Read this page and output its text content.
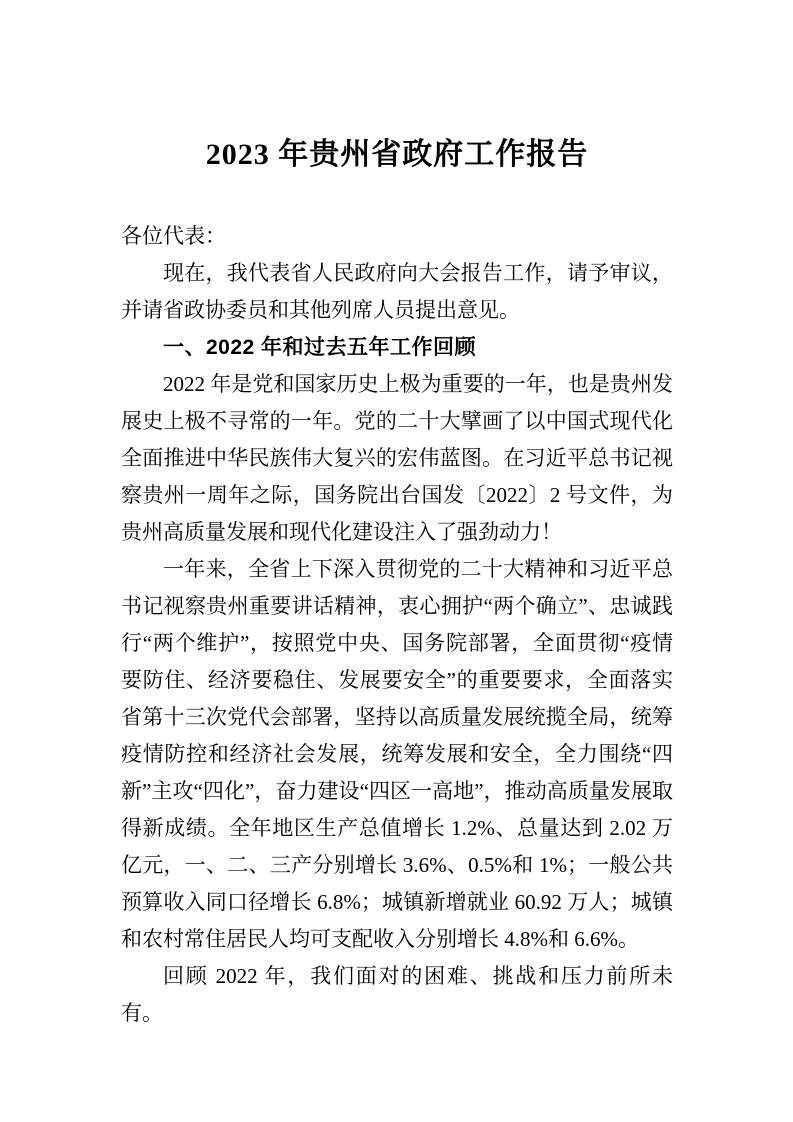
2023 年贵州省政府工作报告

各位代表：

现在，我代表省人民政府向大会报告工作，请予审议，并请省政协委员和其他列席人员提出意见。

一、2022 年和过去五年工作回顾

2022 年是党和国家历史上极为重要的一年，也是贵州发展史上极不寻常的一年。党的二十大擘画了以中国式现代化全面推进中华民族伟大复兴的宏伟蓝图。在习近平总书记视察贵州一周年之际，国务院出台国发〔2022〕2 号文件，为贵州高质量发展和现代化建设注入了强劲动力！

一年来，全省上下深入贯彻党的二十大精神和习近平总书记视察贵州重要讲话精神，衷心拥护“两个确立”、忠诚践行“两个维护”，按照党中央、国务院部署，全面贯彻“疫情要防住、经济要稳住、发展要安全”的重要要求，全面落实省第十三次党代会部署，坚持以高质量发展统揽全局，统筹疫情防控和经济社会发展，统筹发展和安全，全力围绕“四新”主攻“四化”，奋力建设“四区一高地”，推动高质量发展取得新成绩。全年地区生产总值增长 1.2%、总量达到 2.02 万亿元，一、二、三产分别增长 3.6%、0.5%和 1%；一般公共预算收入同口径增长 6.8%；城镇新增就业 60.92 万人；城镇和农村常住居民人均可支配收入分别增长 4.8%和 6.6%。

回顾 2022 年，我们面对的困难、挑战和压力前所未有。
